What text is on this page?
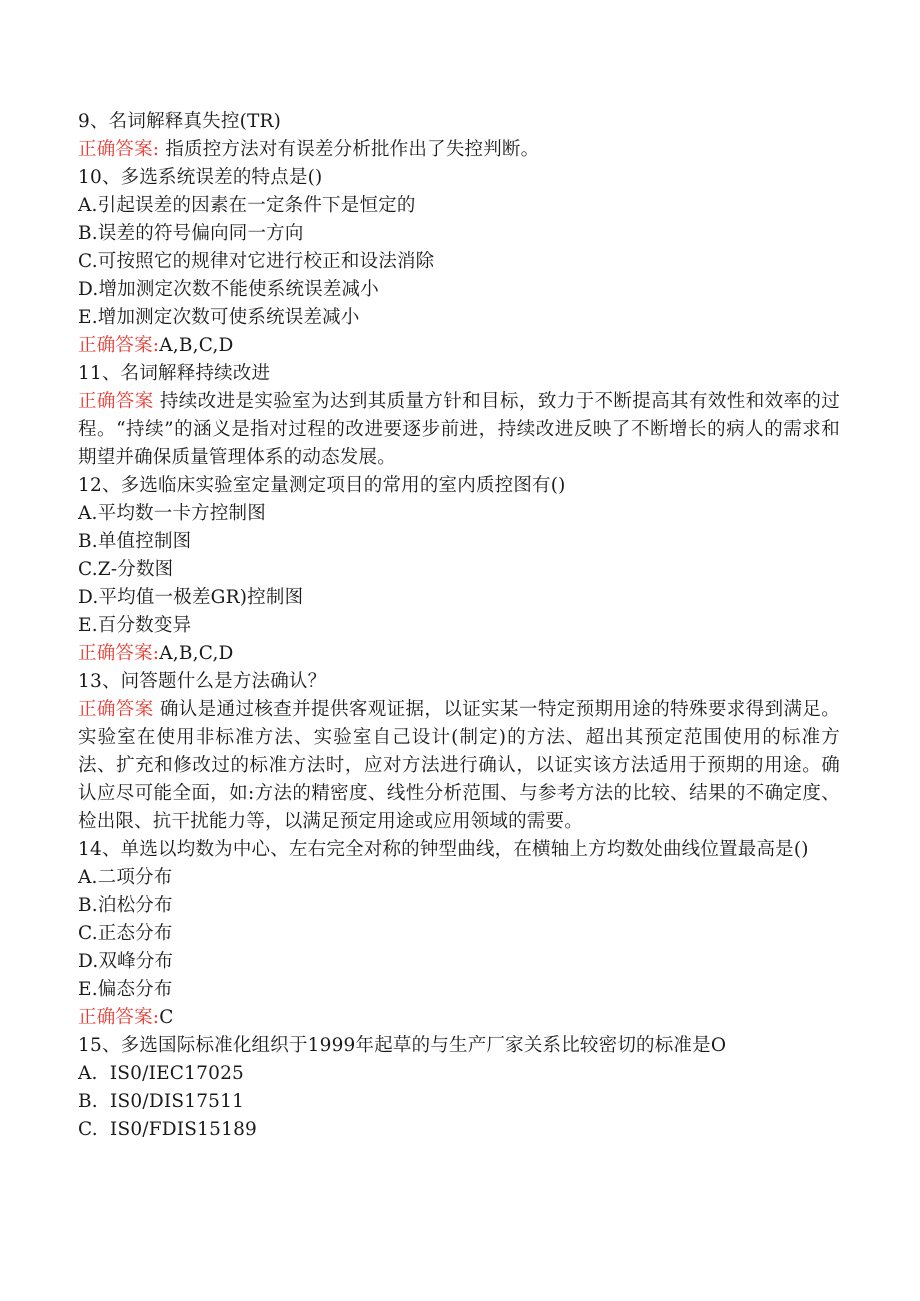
9、名词解释真失控(TR)
正确答案: 指质控方法对有误差分析批作出了失控判断。
10、多选系统误差的特点是()
A.引起误差的因素在一定条件下是恒定的
B.误差的符号偏向同一方向
C.可按照它的规律对它进行校正和设法消除
D.增加测定次数不能使系统误差减小
E.增加测定次数可使系统误差减小
正确答案:A,B,C,D
11、名词解释持续改进
正确答案 持续改进是实验室为达到其质量方针和目标，致力于不断提高其有效性和效率的过程。“持续”的涵义是指对过程的改进要逐步前进，持续改进反映了不断增长的病人的需求和期望并确保质量管理体系的动态发展。
12、多选临床实验室定量测定项目的常用的室内质控图有()
A.平均数一卡方控制图
B.单值控制图
C.Z-分数图
D.平均值一极差GR)控制图
E.百分数变异
正确答案:A,B,C,D
13、问答题什么是方法确认？
正确答案 确认是通过核查并提供客观证据，以证实某一特定预期用途的特殊要求得到满足。实验室在使用非标准方法、实验室自己设计(制定)的方法、超出其预定范围使用的标准方法、扩充和修改过的标准方法时，应对方法进行确认，以证实该方法适用于预期的用途。确认应尽可能全面，如:方法的精密度、线性分析范围、与参考方法的比较、结果的不确定度、检出限、抗干扰能力等，以满足预定用途或应用领域的需要。
14、单选以均数为中心、左右完全对称的钟型曲线，在横轴上方均数处曲线位置最高是()
A.二项分布
B.泊松分布
C.正态分布
D.双峰分布
E.偏态分布
正确答案:C
15、多选国际标准化组织于1999年起草的与生产厂家关系比较密切的标准是O
A.  IS0/IEC17025
B.  IS0/DIS17511
C.  IS0/FDIS15189
